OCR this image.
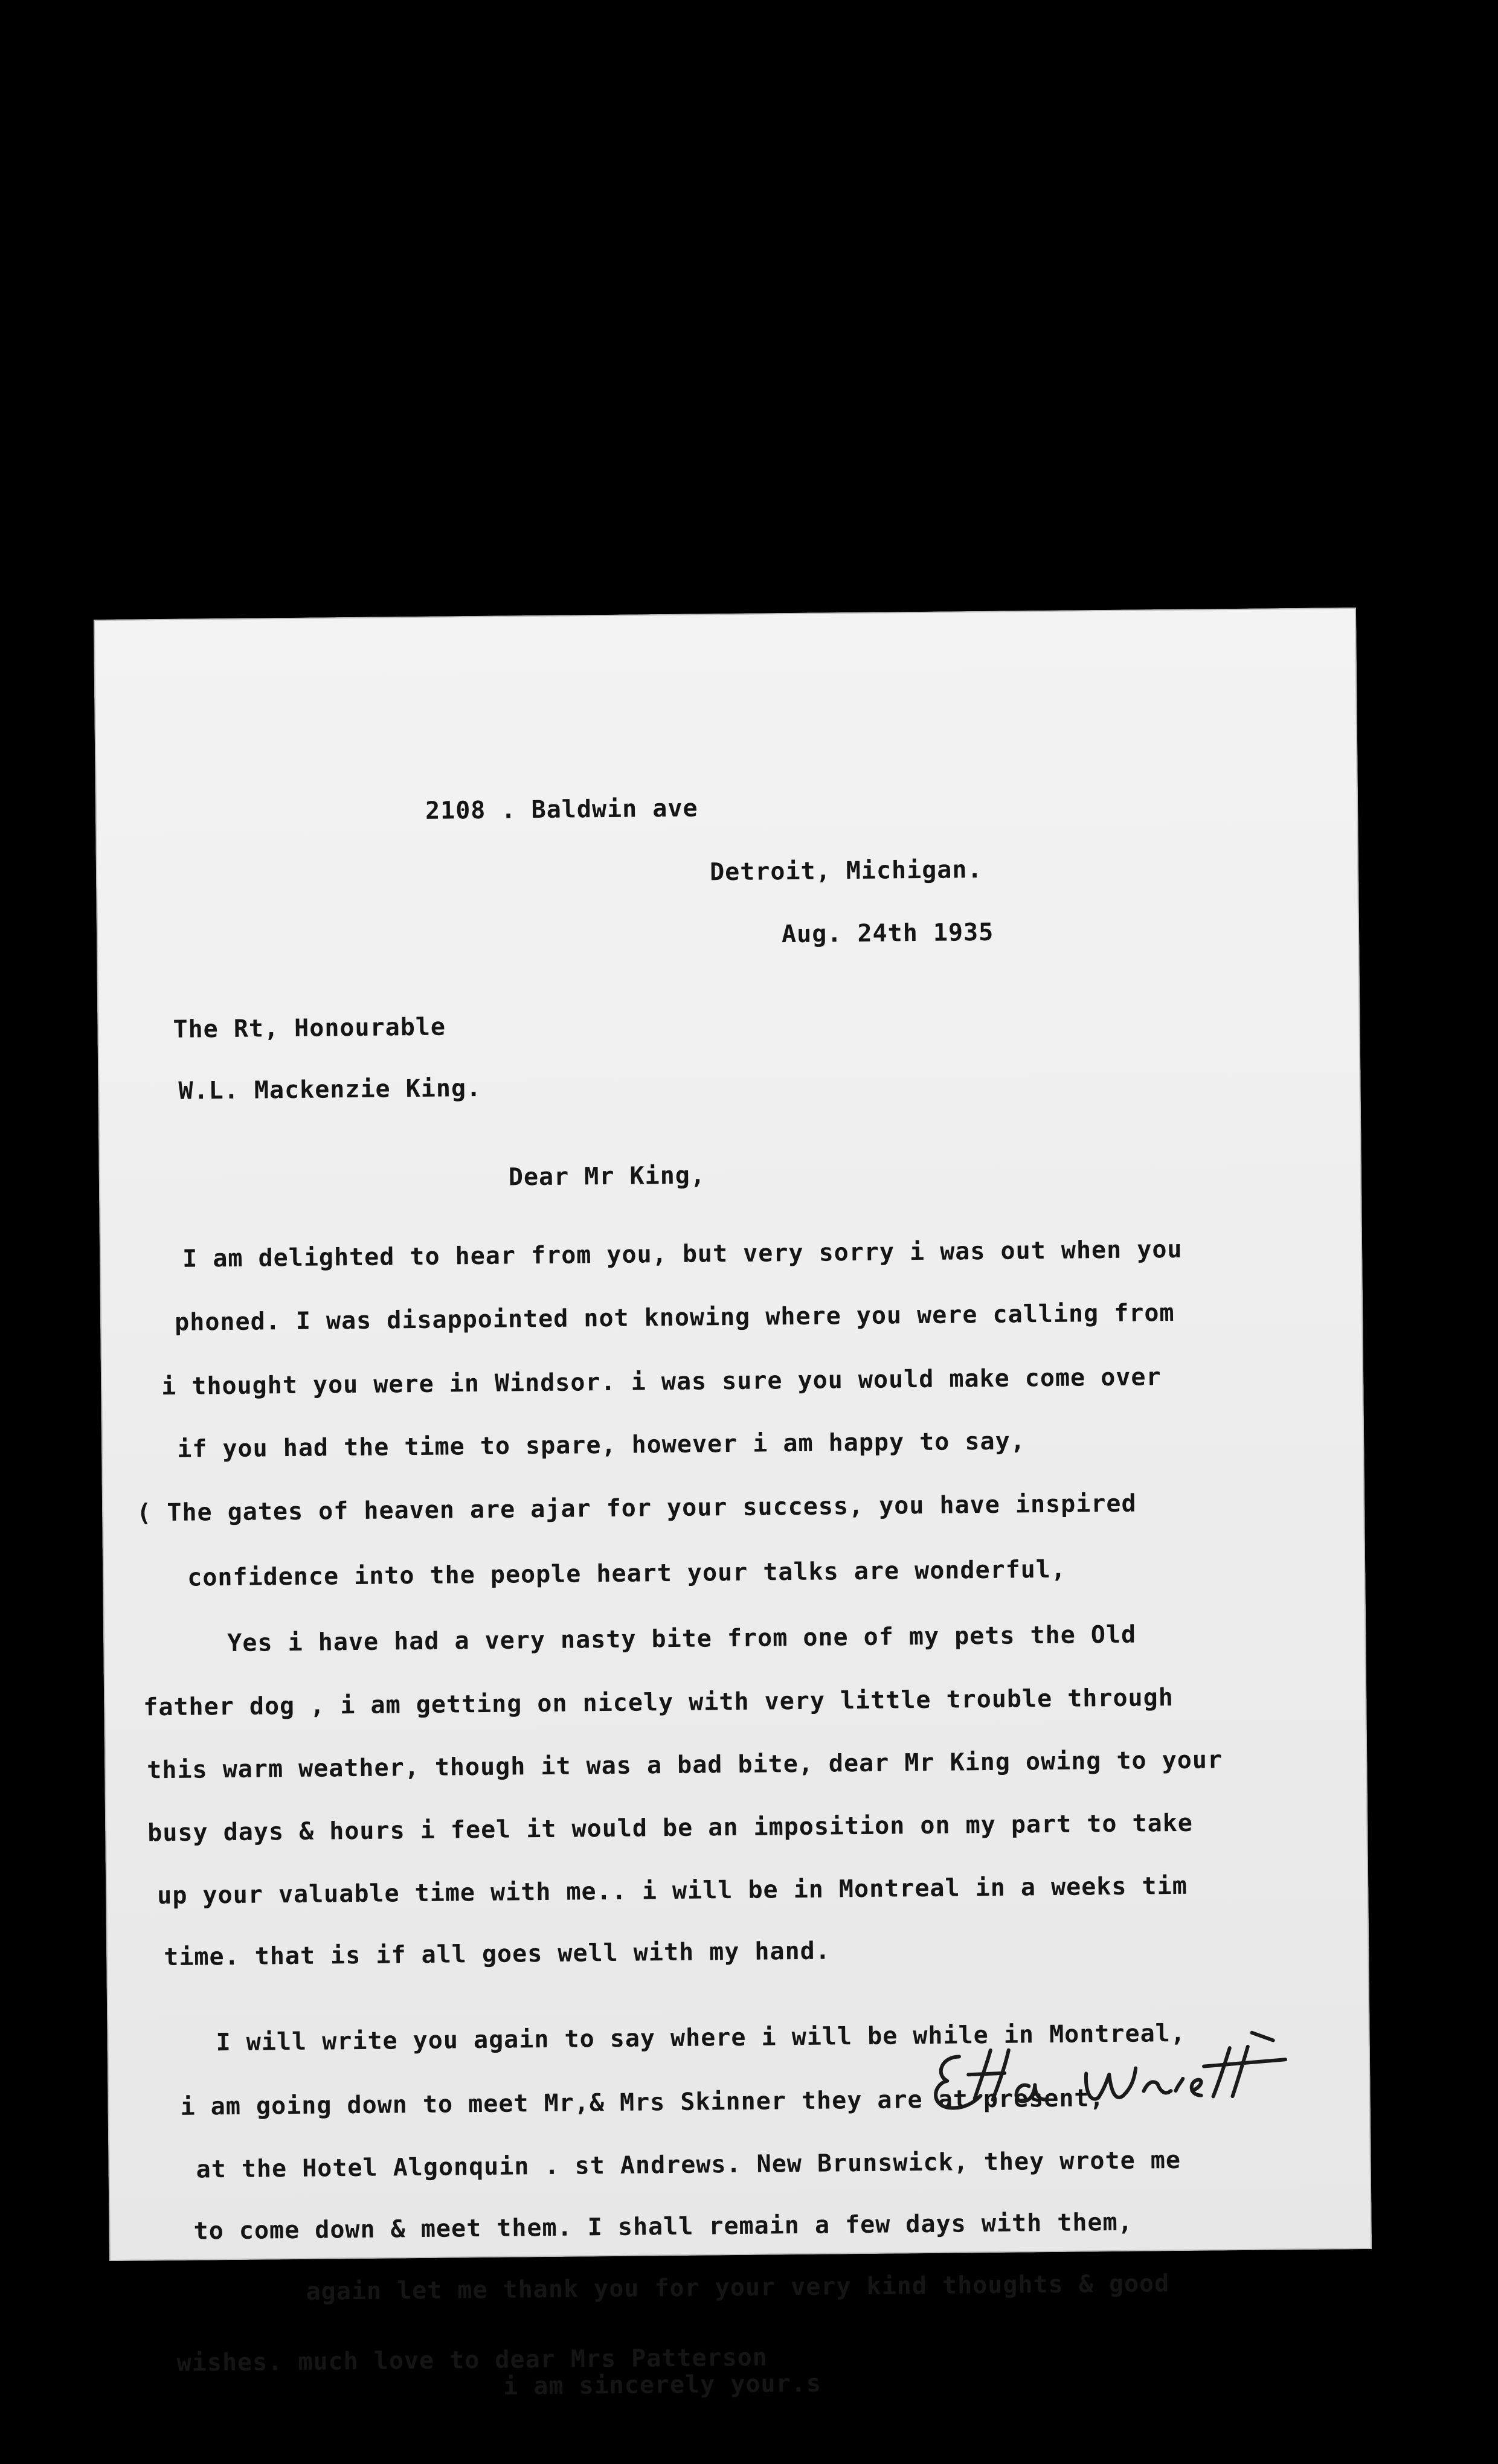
2108 . Baldwin ave
Detroit, Michigan.
Aug. 24th 1935
The Rt, Honourable
W.L. Mackenzie King.
Dear Mr King,
I am delighted to hear from you, but very sorry i was out when you
phoned. I was disappointed not knowing where you were calling from
i thought you were in Windsor. i was sure you would make come over
if you had the time to spare, however i am happy to say,
( The gates of heaven are ajar for your success, you have inspired
confidence into the people heart your talks are wonderful,
Yes i have had a very nasty bite from one of my pets the Old
father dog , i am getting on nicely with very little trouble through
this warm weather, though it was a bad bite, dear Mr King owing to your
busy days & hours i feel it would be an imposition on my part to take
up your valuable time with me.. i will be in Montreal in a weeks tim
time. that is if all goes well with my hand.
I will write you again to say where i will be while in Montreal,
i am going down to meet Mr,& Mrs Skinner they are at present,
at the Hotel Algonquin . st Andrews. New Brunswick, they wrote me
to come down & meet them. I shall remain a few days with them,
again let me thank you for your very kind thoughts & good
wishes. much love to dear Mrs Patterson
i am sincerely your.s
